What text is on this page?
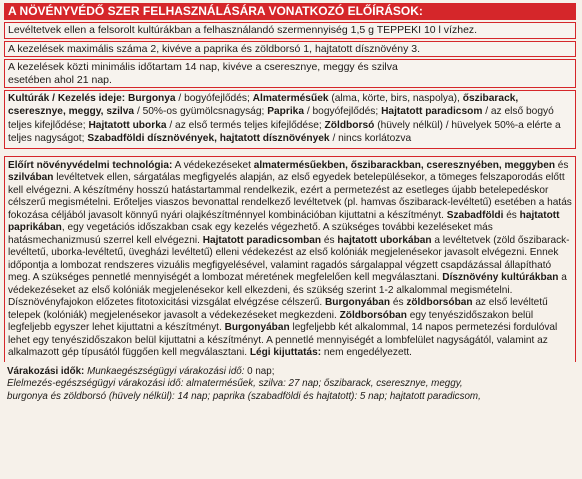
A NÖVÉNYVÉDŐ SZER FELHASZNÁLÁSÁRA VONATKOZÓ ELŐÍRÁSOK:
Levéltetvek ellen a felsorolt kultúrákban a felhasználandó szermennyiség 1,5 g TEPPEKI 10 l vízhez.
A kezelések maximális száma 2, kivéve a paprika és zöldborsó 1, hajtatott dísznövény 3.
A kezelések közti minimális időtartam 14 nap, kivéve a cseresznye, meggy és szilva
esetében ahol 21 nap.
Kultúrák / Kezelés ideje: Burgonya / bogyófejlődés; Almatermésűek (alma, körte, birs, naspolya), őszibarack, cseresznye, meggy, szilva / 50%-os gyümölcsnagyság; Paprika / bogyófejlődés; Hajtatott paradicsom / az első bogyó teljes kifejlődése; Hajtatott uborka / az első termés teljes kifejlődése; Zöldborsó (hüvely nélkül) / hüvelyek 50%-a elérte a teljes nagyságot; Szabadföldi dísznövények, hajtatott dísznövények / nincs korlátozva
Előírt növényvédelmi technológia: A védekezéseket almatermésűekben, őszibarackban, cseresznyében, meggyben és szilvában levéltetvek ellen, sárgatálas megfigyelés alapján, az első egyedek betelepülésekor, a tömeges felszaporodás előtt kell elvégezni. A készítmény hosszú hatástartammal rendelkezik, ezért a permetezést az esetleges újabb betelepedéskor célszerű megismételni. Erőteljes viaszos bevonattal rendelkező levéltetvek (pl. hamvas őszibarack-levéltetű) esetében a hatás fokozása céljából javasolt könnyű nyári olajkészítménnyel kombinációban kijuttatni a készítményt. Szabadföldi és hajtatott paprikában, egy vegetációs időszakban csak egy kezelés végezhető. A szükséges további kezeléseket más hatásmechanizmusú szerrel kell elvégezni. Hajtatott paradicsomban és hajtatott uborkában a levéltetvek (zöld őszibarack-levéltetű, uborka-levéltetű, üvegházi levéltetű) elleni védekezést az első kolóniák megjelenésekor javasolt elvégezni. Ennek időpontja a lombozat rendszeres vizuális megfigyelésével, valamint ragadós sárgalappal végzett csapdázással állapítható meg. A szükséges pennetlé mennyiségét a lombozat méretének megfelelően kell megválasztani. Dísznövény kultúrákban a védekezéseket az első kolóniák megjelenésekor kell elkezdeni, és szükség szerint 1-2 alkalommal megismételni. Dísznövényfajokon előzetes fitotoxicitási vizsgálat elvégzése célszerű. Burgonyában és zöldborsóban az első levéltetű telepek (kolóniák) megjelenésekor javasolt a védekezéseket megkezdeni. Zöldborsóban egy tenyészidőszakon belül legfeljebb egyszer lehet kijuttatni a készítményt. Burgonyában legfeljebb két alkalommal, 14 napos permetezési fordulóval lehet egy tenyészidőszakon belül kijuttatni a készítményt. A pennetlé mennyiségét a lombfelület nagyságától, valamint az alkalmazott gép típusától függően kell megválasztani. Légi kijuttatás: nem engedélyezett.
Várakozási idők: Munkaegészségügyi várakozási idő: 0 nap;
Élelmezés-egészségügyi várakozási idő: almatermésűek, szilva: 27 nap; őszibarack, cseresznye, meggy,
burgonya és zöldborsó (hüvely nélkül): 14 nap; paprika (szabadföldi és hajtatott): 5 nap; hajtatott paradicsom,
